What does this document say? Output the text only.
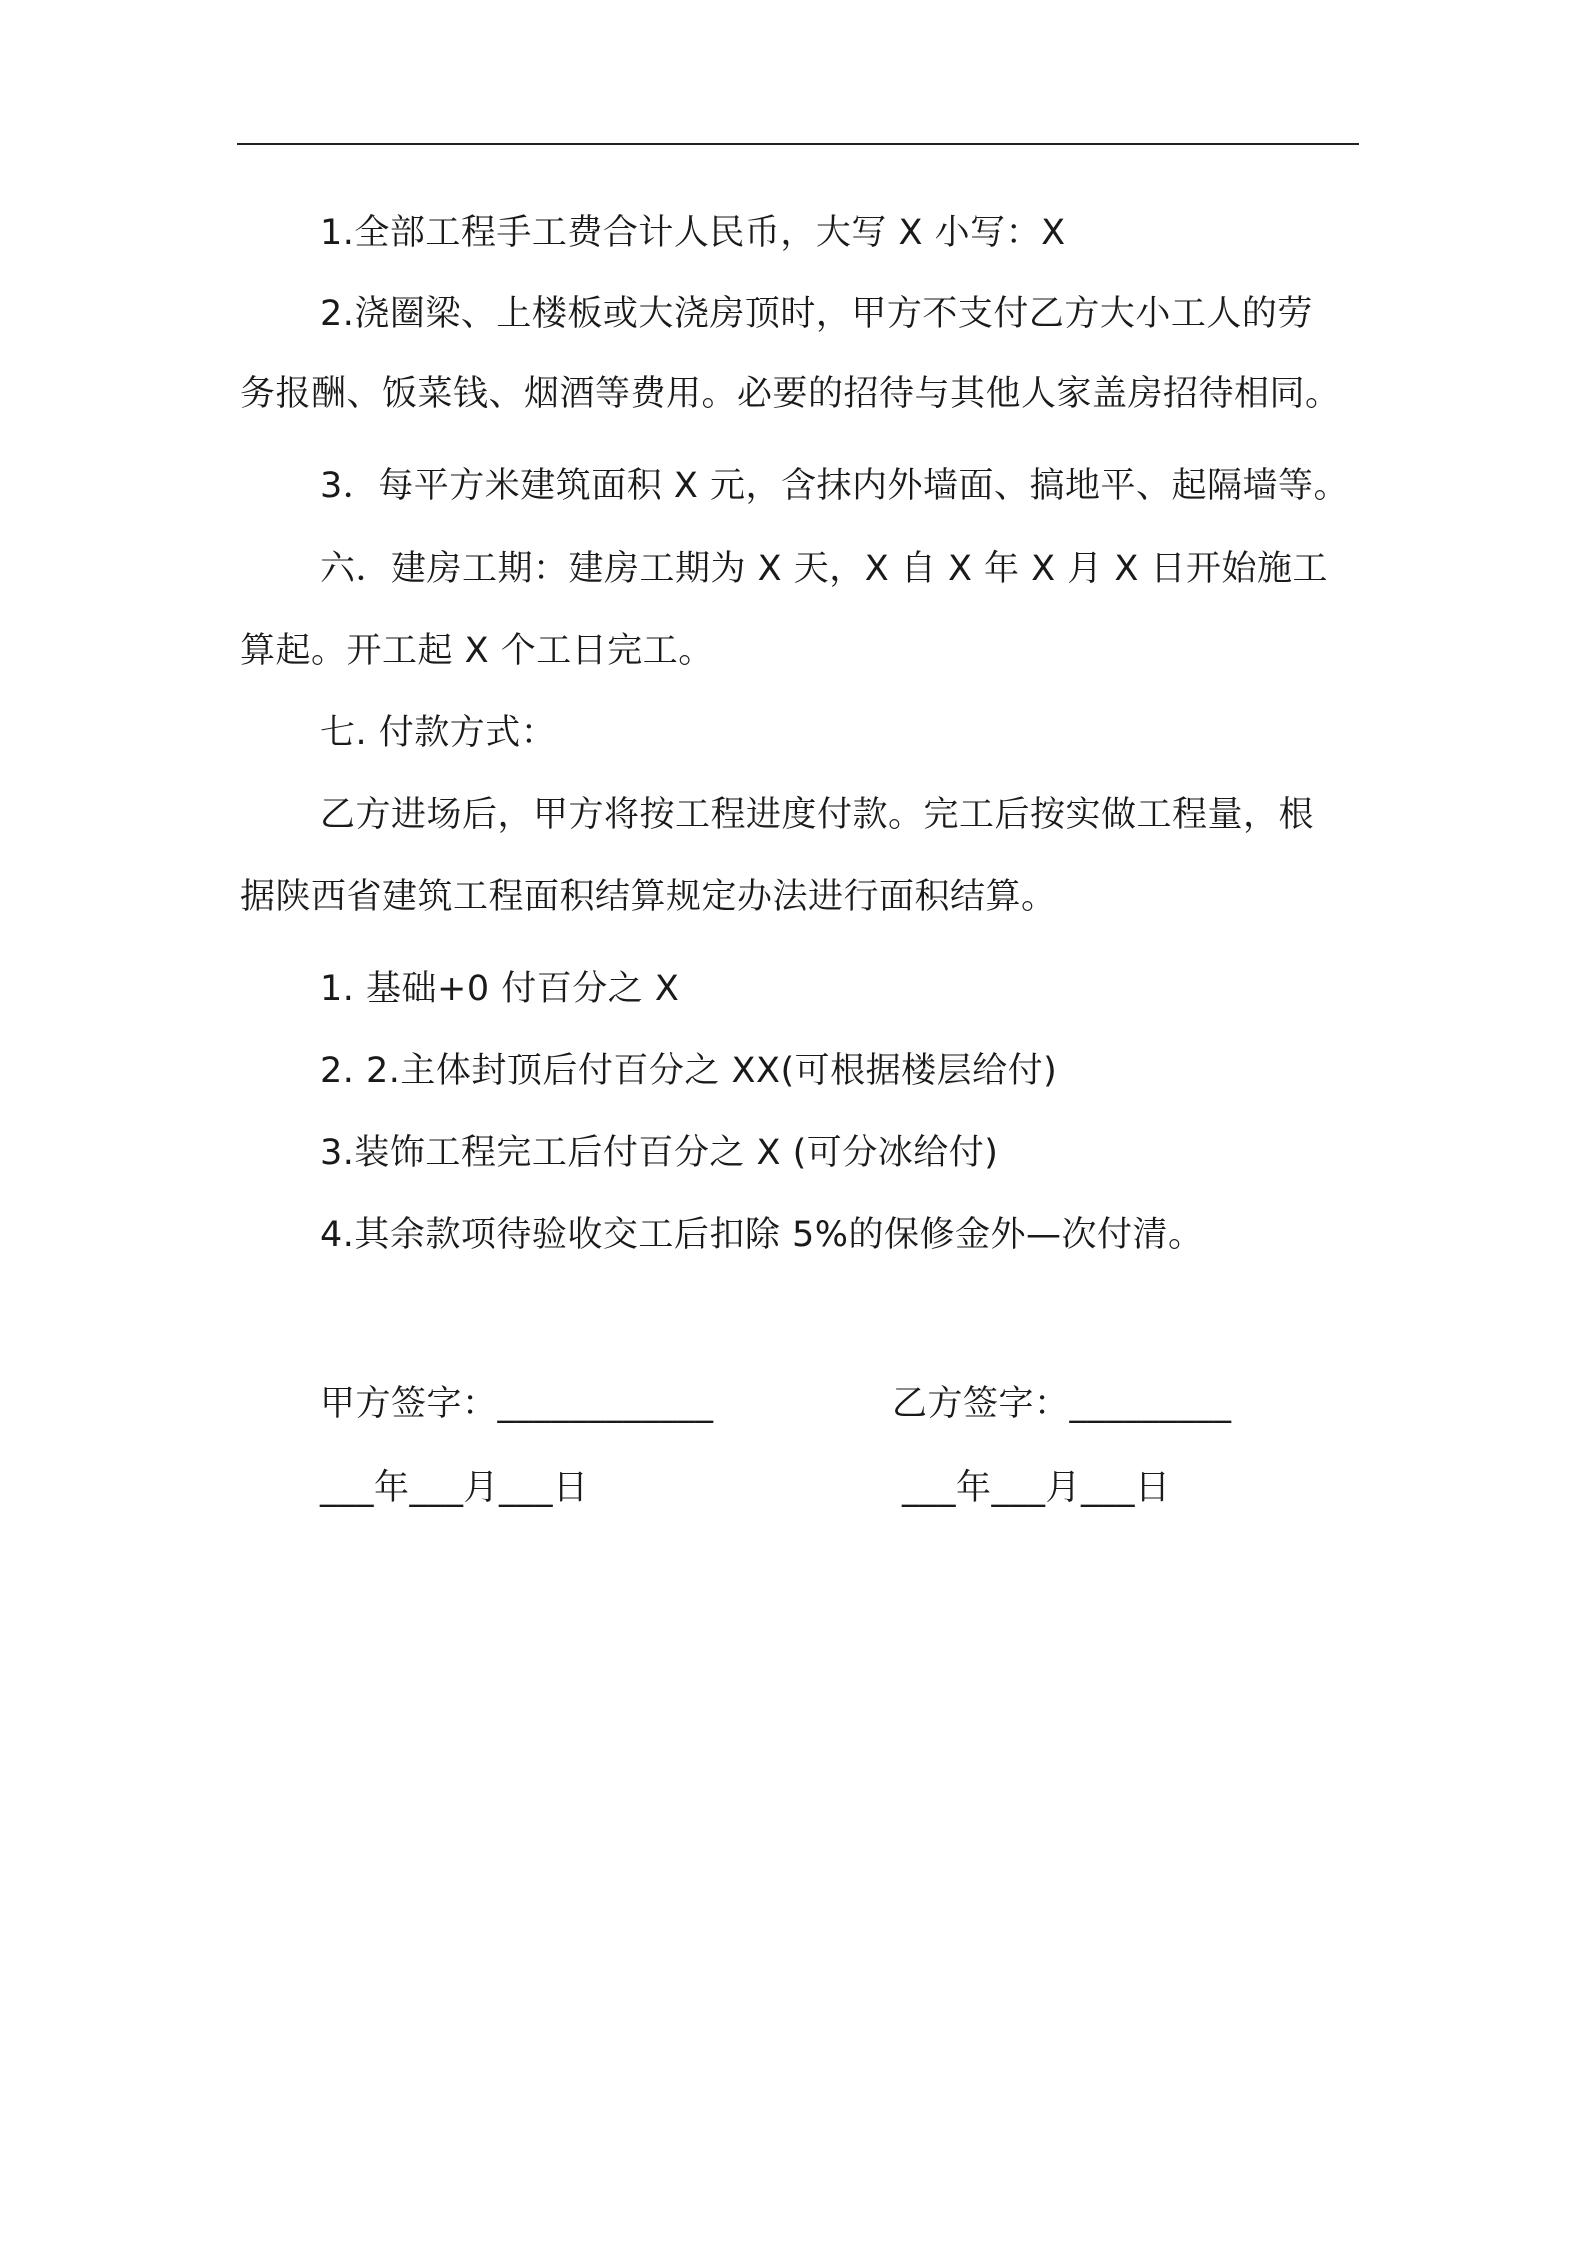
1.全部工程手工费合计人民币，大写 X 小写：X
2.浇圈梁、上楼板或大浇房顶时，甲方不支付乙方大小工人的劳
务报酬、饭菜钱、烟酒等费用。必要的招待与其他人家盖房招待相同。
3．每平方米建筑面积 X 元，含抹内外墙面、搞地平、起隔墙等。
六．建房工期：建房工期为 X 天，X 自 X 年 X 月 X 日开始施工
算起。开工起 X 个工日完工。
七. 付款方式：
乙方进场后，甲方将按工程进度付款。完工后按实做工程量，根
据陕西省建筑工程面积结算规定办法进行面积结算。
1. 基础+0 付百分之 X
2. 2.主体封顶后付百分之 XX(可根据楼层给付)
3.装饰工程完工后付百分之 X (可分冰给付)
4.其余款项待验收交工后扣除 5%的保修金外—次付清。
甲方签字：____________	乙方签字：_________
___年___月___日	___年___月___日
